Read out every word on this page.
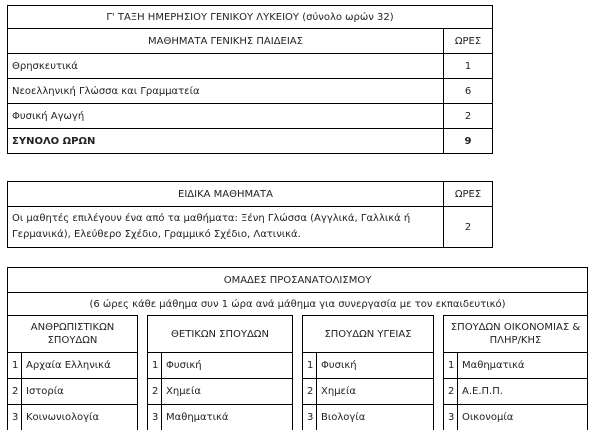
Γ' ΤΑΞΗ ΗΜΕΡΗΣΙΟΥ ΓΕΝΙΚΟΥ ΛΥΚΕΙΟΥ (σύνολο ωρών 32)	
ΜΑΘΗΜΑΤΑ ΓΕΝΙΚΗΣ ΠΑΙΔΕΙΑΣ	ΩΡΕΣ
Θρησκευτικά	1
Νεοελληνική Γλώσσα και Γραμματεία	6
Φυσική Αγωγή	2
ΣΥΝΟΛΟ ΩΡΩΝ	9
ΕΙΔΙΚΑ ΜΑΘΗΜΑΤΑ	ΩΡΕΣ
Οι μαθητές επιλέγουν ένα από τα μαθήματα: Ξένη Γλώσσα (Αγγλικά, Γαλλικά ή Γερμανικά), Ελεύθερο Σχέδιο, Γραμμικό Σχέδιο, Λατινικά.	2
ΟΜΑΔΕΣ ΠΡΟΣΑΝΑΤΟΛΙΣΜΟΥ										
(6 ώρες κάθε μάθημα συν 1 ώρα ανά μάθημα για συνεργασία με τον εκπαιδευτικό)										
ΑΝΘΡΩΠΙΣΤΙΚΩΝ ΣΠΟΥΔΩΝ			ΘΕΤΙΚΩΝ ΣΠΟΥΔΩΝ			ΣΠΟΥΔΩΝ ΥΓΕΙΑΣ			ΣΠΟΥΔΩΝ ΟΙΚΟΝΟΜΙΑΣ & ΠΛΗΡ/ΚΗΣ	
1	Αρχαία Ελληνικά		1	Φυσική		1	Φυσική		1	Μαθηματικά
2	Ιστορία		2	Χημεία		2	Χημεία		2	Α.Ε.Π.Π.
3	Κοινωνιολογία		3	Μαθηματικά		3	Βιολογία		3	Οικονομία
